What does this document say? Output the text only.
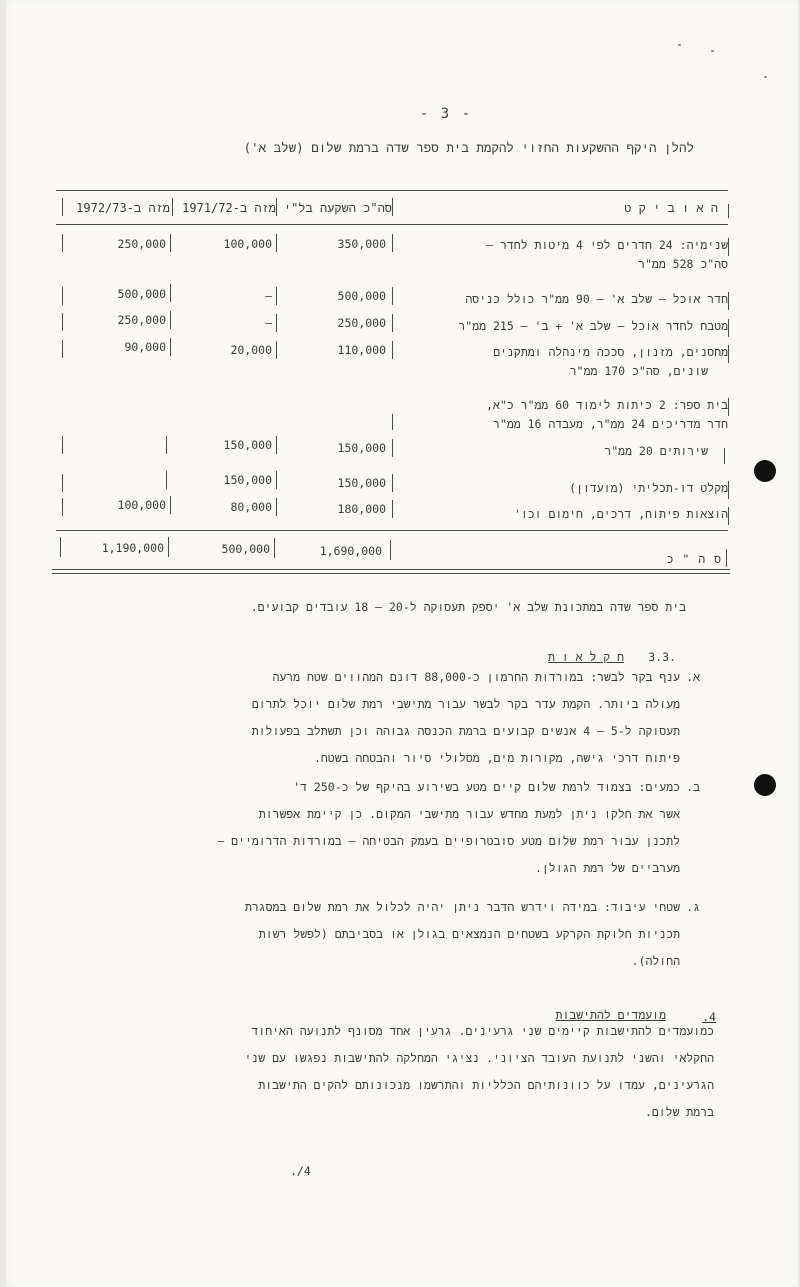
- 3 -
להלן היקף ההשקעות החזוי להקמת בית ספר שדה ברמת שלום (שלב א')
ה א ו ב י ק ט
סה"כ השקעה בל"י
מזה ב-1971/72
מזה ב-1972/73
שנימיה: 24 חדרים לפי 4 מיטות לחדר –
סה"כ 528 ממ"ר
350,000
100,000
250,000
חדר אוכל – שלב א' – 90 ממ"ר כולל כניסה
500,000
–
500,000
מטבח לחדר אוכל – שלב א' + ב' – 215 ממ"ר
250,000
–
250,000
מחסנים, מזנון, סככה מינהלה ומתקנים
שונים, סה"כ 170 ממ"ר
110,000
20,000
90,000
בית ספר: 2 כיתות לימוד 60 ממ"ר כ"א,
חדר מדריכים 24 ממ"ר, מעבדה 16 ממ"ר
שירותים 20 ממ"ר
150,000
150,000
מקלט דו-תכליתי (מועדון)
150,000
150,000
הוצאות פיתוח, דרכים, חימום וכו'
180,000
80,000
100,000
ס ה " כ
1,690,000
500,000
1,190,000
בית ספר שדה במתכונת שלב א' יספק תעסוקה ל-20 – 18 עובדים קבועים.
.3.3
ח ק ל א ו ת
א.
ענף בקר לבשר: במורדות החרמון כ-88,000 דונם המהווים שטח מרעה
מעולה ביותר. הקמת עדר בקר לבשר עבור מתישבי רמת שלום יוכל לתרום
תעסוקה ל-5 – 4 אנשים קבועים ברמת הכנסה גבוהה וכן תשתלב בפעולות
פיתוח דרכי גישה, מקורות מים, מסלולי סיור והבטחה בשטח.
ב.
כמעים: בצמוד לרמת שלום קיים מטע בשירוע בהיקף של כ-250 ד'
אשר את חלקו ניתן למעת מחדש עבור מתישבי המקום. כן קיימת אפשרות
לתכנן עבור רמת שלום מטע סובטרופיים בעמק הבטיחה – במורדות הדרומיים –
מערביים של רמת הגולן.
ג.
שטחי עיבוד: במידה וידרש הדבר ניתן יהיה לכלול את רמת שלום במסגרת
תכניות חלוקת הקרקע בשטחים הנמצאים בגולן או בסביבתם (לפשל רשות
החולה).
4.
מועמדים להתישבות
כמועמדים להתישבות קיימים שני גרעינים. גרעין אחד מסונף לתנועה האיחוד
החקלאי והשני לתנועת העובד הציוני. נציגי המחלקה להתישבות נפגשו עם שני
הגרעינים, עמדו על כוונותיהם הכלליות והתרשמו מנכונותם להקים התישבות
ברמת שלום.
./4
